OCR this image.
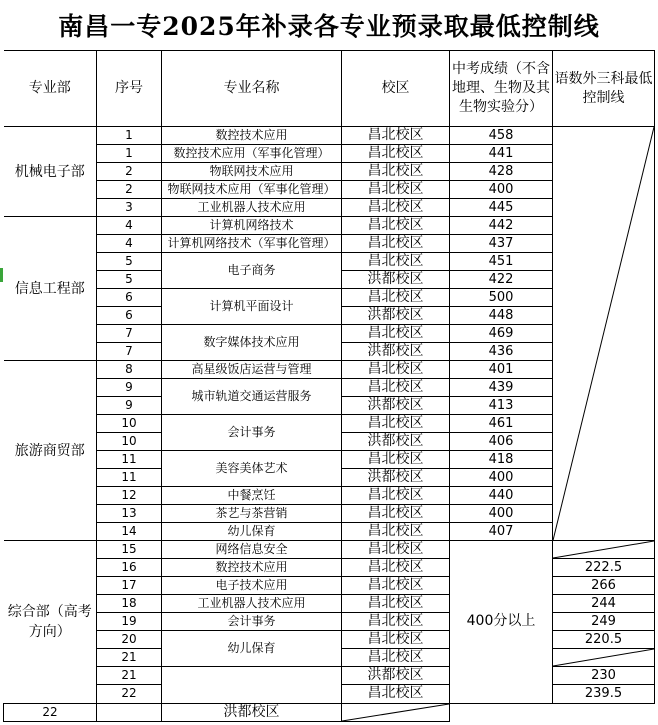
南昌一专2025年补录各专业预录取最低控制线
专业部	序号	专业名称	校区	中考成绩（不含地理、生物及其生物实验分）	语数外三科最低控制线
机械电子部	1	数控技术应用	昌北校区	458	

	1	数控技术应用（军事化管理）	昌北校区	441	
	2	物联网技术应用	昌北校区	428	
	2	物联网技术应用（军事化管理）	昌北校区	400	
	3	工业机器人技术应用	昌北校区	445	
信息工程部	4	计算机网络技术	昌北校区	442	
	4	计算机网络技术（军事化管理）	昌北校区	437	
	5	电子商务	昌北校区	451	
	5		洪都校区	422	
	6	计算机平面设计	昌北校区	500	
	6		洪都校区	448	
	7	数字媒体技术应用	昌北校区	469	
	7		洪都校区	436	
旅游商贸部	8	高星级饭店运营与管理	昌北校区	401	
	9	城市轨道交通运营服务	昌北校区	439	
	9		洪都校区	413	
	10	会计事务	昌北校区	461	
	10		洪都校区	406	
	11	美容美体艺术	昌北校区	418	
	11		洪都校区	400	
	12	中餐烹饪	昌北校区	440	
	13	茶艺与茶营销	昌北校区	400	
	14	幼儿保育	昌北校区	407	
综合部（高考方向）	15	网络信息安全	昌北校区	400分以上	

	16	数控技术应用	昌北校区		222.5
	17	电子技术应用	昌北校区		266
	18	工业机器人技术应用	昌北校区		244
	19	会计事务	昌北校区		249
	20	幼儿保育	昌北校区		220.5
	21		昌北校区	

	21		洪都校区		230
	22		昌北校区		239.5
22		洪都校区	
